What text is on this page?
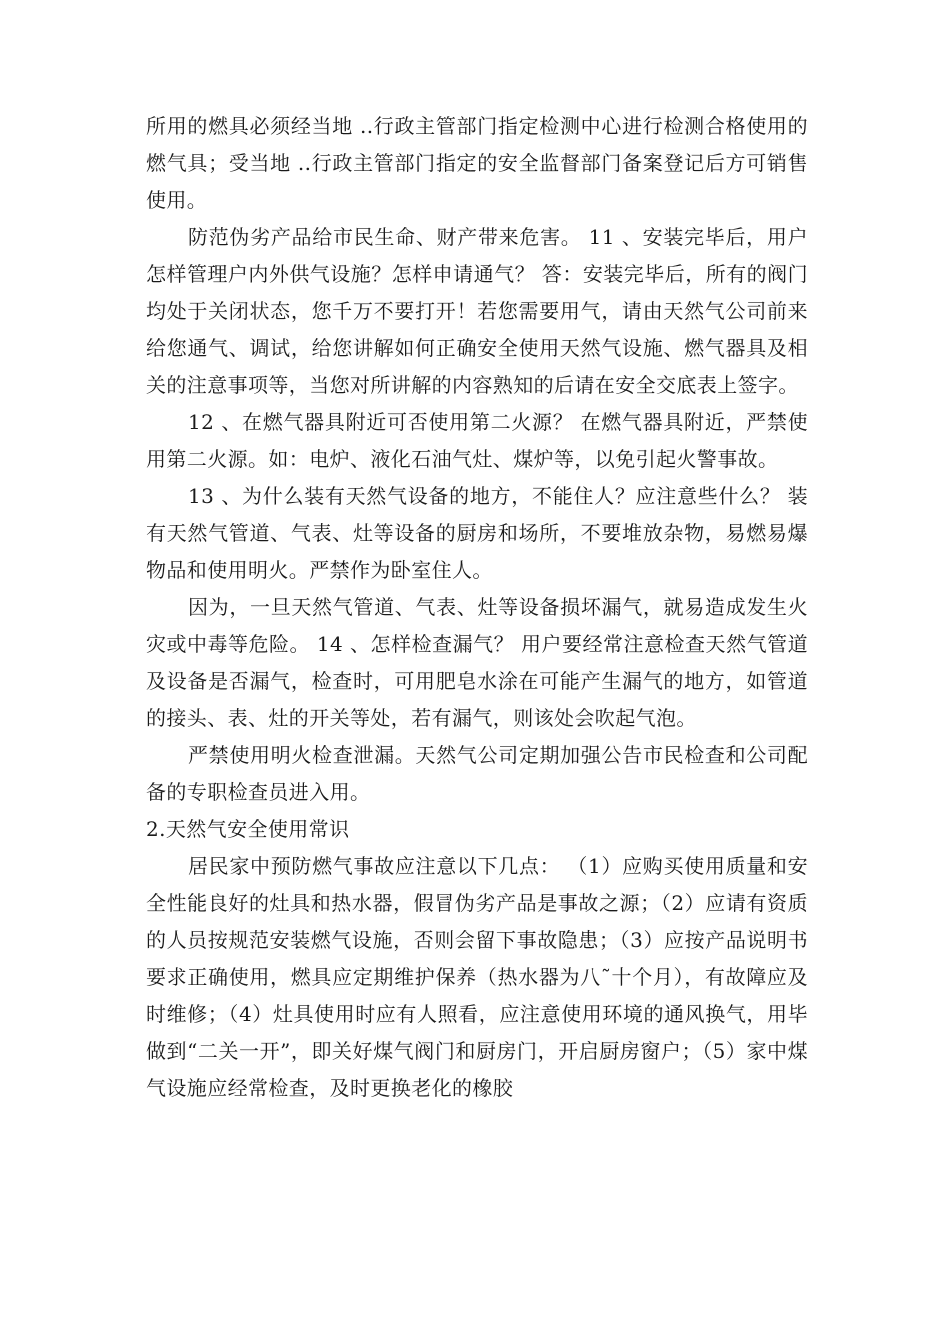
所用的燃具必须经当地 ..行政主管部门指定检测中心进行检测合格使用的燃气具；受当地 ..行政主管部门指定的安全监督部门备案登记后方可销售使用。

防范伪劣产品给市民生命、财产带来危害。 11 、安装完毕后，用户怎样管理户内外供气设施？怎样申请通气？ 答：安装完毕后，所有的阀门均处于关闭状态，您千万不要打开！若您需要用气，请由天然气公司前来给您通气、调试，给您讲解如何正确安全使用天然气设施、燃气器具及相关的注意事项等，当您对所讲解的内容熟知的后请在安全交底表上签字。

12 、在燃气器具附近可否使用第二火源？ 在燃气器具附近，严禁使用第二火源。如：电炉、液化石油气灶、煤炉等，以免引起火警事故。

13 、为什么装有天然气设备的地方，不能住人？应注意些什么？ 装有天然气管道、气表、灶等设备的厨房和场所，不要堆放杂物，易燃易爆物品和使用明火。严禁作为卧室住人。

因为，一旦天然气管道、气表、灶等设备损坏漏气，就易造成发生火灾或中毒等危险。 14 、怎样检查漏气？ 用户要经常注意检查天然气管道及设备是否漏气，检查时，可用肥皂水涂在可能产生漏气的地方，如管道的接头、表、灶的开关等处，若有漏气，则该处会吹起气泡。

严禁使用明火检查泄漏。天然气公司定期加强公告市民检查和公司配备的专职检查员进入用。

2.天然气安全使用常识

居民家中预防燃气事故应注意以下几点： （1）应购买使用质量和安全性能良好的灶具和热水器，假冒伪劣产品是事故之源；（2）应请有资质的人员按规范安装燃气设施，否则会留下事故隐患；（3）应按产品说明书要求正确使用，燃具应定期维护保养（热水器为八˜十个月），有故障应及时维修；（4）灶具使用时应有人照看，应注意使用环境的通风换气，用毕做到“二关一开”，即关好煤气阀门和厨房门，开启厨房窗户；（5）家中煤气设施应经常检查，及时更换老化的橡胶
